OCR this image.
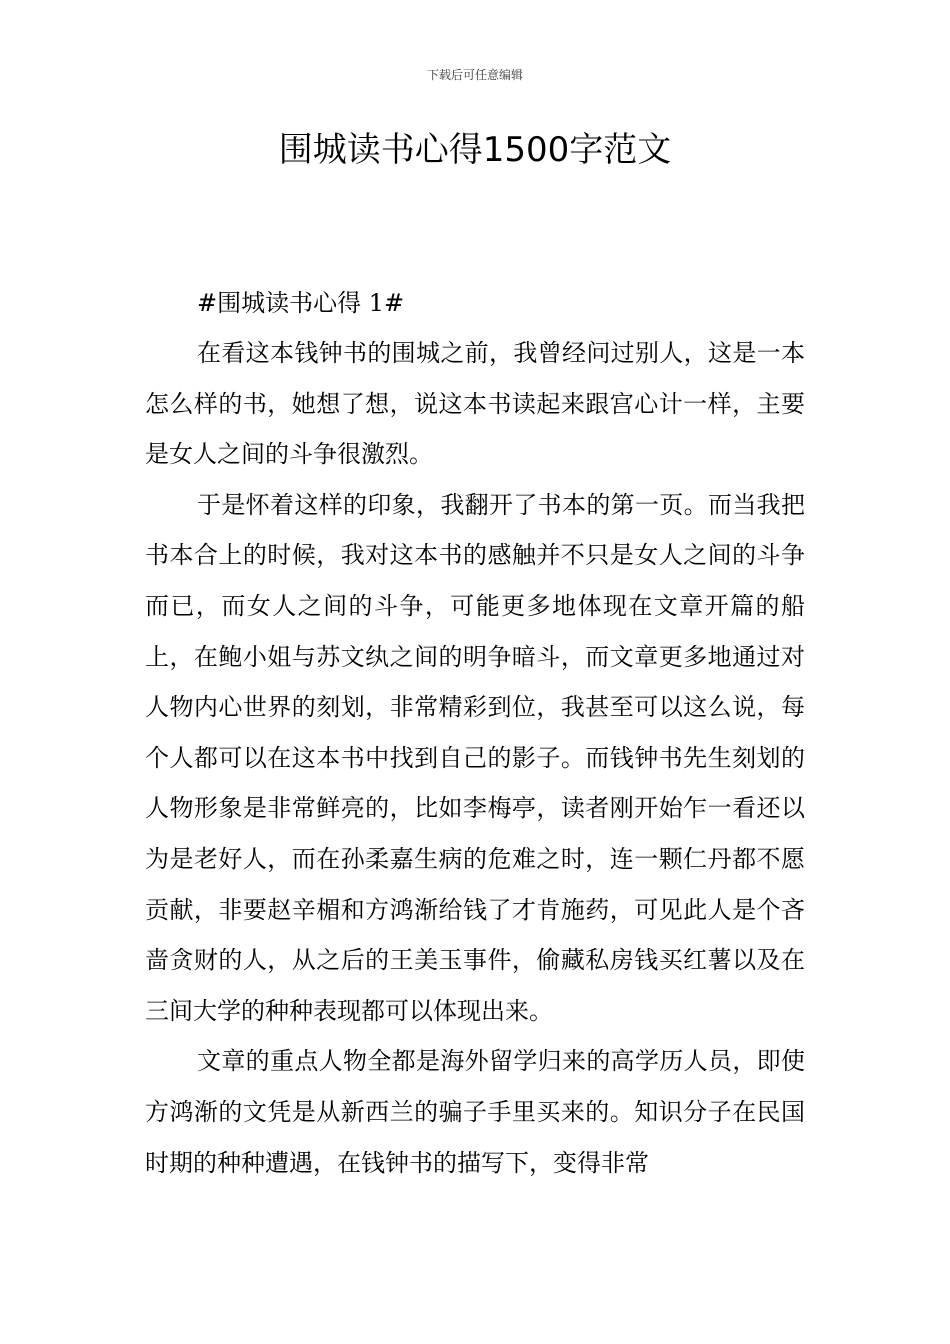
下载后可任意编辑
围城读书心得1500字范文

#围城读书心得 1#

在看这本钱钟书的围城之前，我曾经问过别人，这是一本怎么样的书，她想了想，说这本书读起来跟宫心计一样，主要是女人之间的斗争很激烈。

于是怀着这样的印象，我翻开了书本的第一页。而当我把书本合上的时候，我对这本书的感触并不只是女人之间的斗争而已，而女人之间的斗争，可能更多地体现在文章开篇的船上，在鲍小姐与苏文纨之间的明争暗斗，而文章更多地通过对人物内心世界的刻划，非常精彩到位，我甚至可以这么说，每个人都可以在这本书中找到自己的影子。而钱钟书先生刻划的人物形象是非常鲜亮的，比如李梅亭，读者刚开始乍一看还以为是老好人，而在孙柔嘉生病的危难之时，连一颗仁丹都不愿贡献，非要赵辛楣和方鸿渐给钱了才肯施药，可见此人是个吝啬贪财的人，从之后的王美玉事件，偷藏私房钱买红薯以及在三间大学的种种表现都可以体现出来。

文章的重点人物全都是海外留学归来的高学历人员，即使方鸿渐的文凭是从新西兰的骗子手里买来的。知识分子在民国时期的种种遭遇，在钱钟书的描写下，变得非常
